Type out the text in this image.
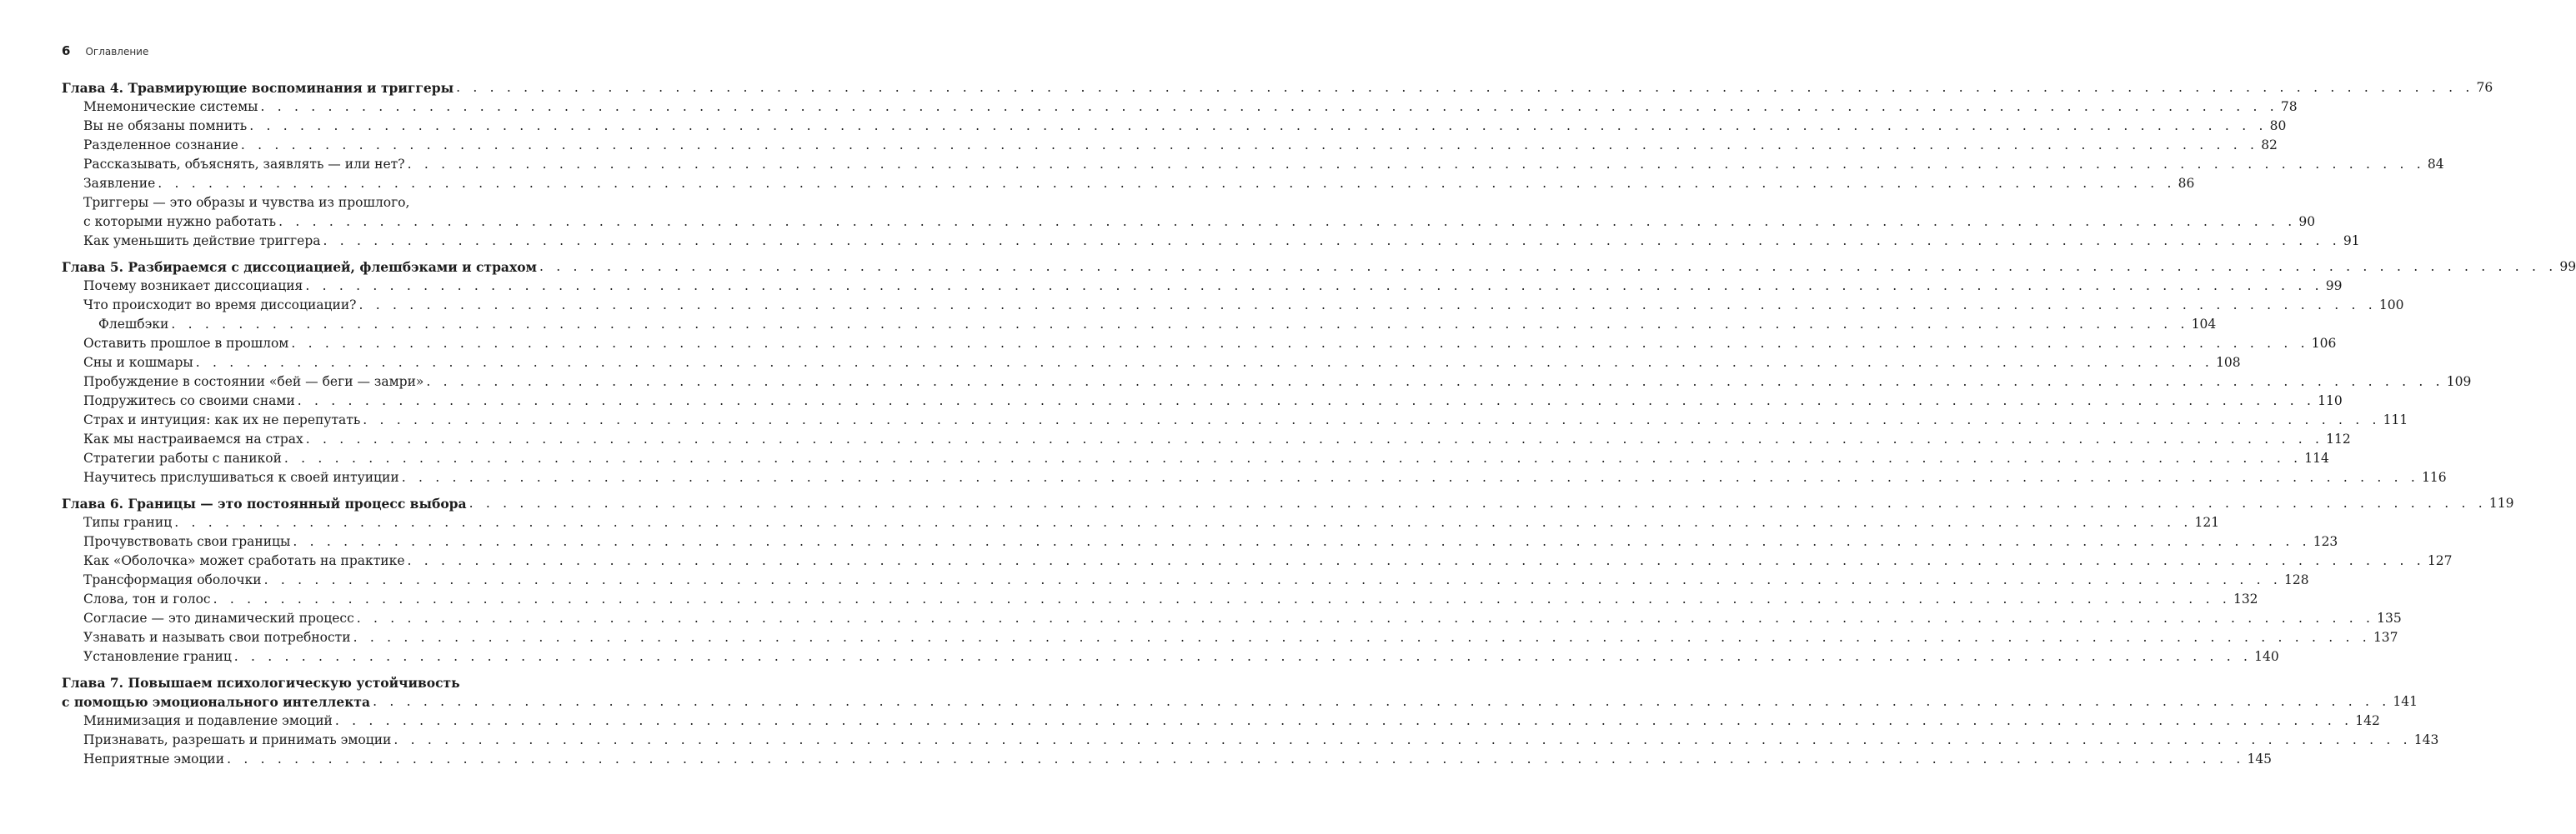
6 Оглавление
Глава 4. Травмирующие воспоминания и триггеры . . . . . . . . . . . . . . . . . . . . . . . . . . . . . . . . . . . . . . . . . . . . . . . . . . . . . . . . . . . . . . . . . . . . . . . . . . . . . . . . . . . . . . . . . . . . . . . . . . . . . . . . . . . . . . . . . . . . . . . . 76
Мнемонические системы . . . . . . . . . . . . . . . . . . . . . . . . . . . . . . . . . . . . . . . . . . . . . . . . . . . . . . . . . . . . . . . . . . . . . . . . . . . . . . . . . . . . . . . . . . . . . . . . . . . . . . . . . . . . . . . . . . . . . . . . 78
Вы не обязаны помнить . . . . . . . . . . . . . . . . . . . . . . . . . . . . . . . . . . . . . . . . . . . . . . . . . . . . . . . . . . . . . . . . . . . . . . . . . . . . . . . . . . . . . . . . . . . . . . . . . . . . . . . . . . . . . . . . . . . . . . . . 80
Разделенное сознание . . . . . . . . . . . . . . . . . . . . . . . . . . . . . . . . . . . . . . . . . . . . . . . . . . . . . . . . . . . . . . . . . . . . . . . . . . . . . . . . . . . . . . . . . . . . . . . . . . . . . . . . . . . . . . . . . . . . . . . . 82
Рассказывать, объяснять, заявлять — или нет? . . . . . . . . . . . . . . . . . . . . . . . . . . . . . . . . . . . . . . . . . . . . . . . . . . . . . . . . . . . . . . . . . . . . . . . . . . . . . . . . . . . . . . . . . . . . . . . . . . . . . . . . . . . . . . . . . . . . . . . . 84
Заявление . . . . . . . . . . . . . . . . . . . . . . . . . . . . . . . . . . . . . . . . . . . . . . . . . . . . . . . . . . . . . . . . . . . . . . . . . . . . . . . . . . . . . . . . . . . . . . . . . . . . . . . . . . . . . . . . . . . . . . . . 86
Триггеры — это образы и чувства из прошлого,
с которыми нужно работать . . . . . . . . . . . . . . . . . . . . . . . . . . . . . . . . . . . . . . . . . . . . . . . . . . . . . . . . . . . . . . . . . . . . . . . . . . . . . . . . . . . . . . . . . . . . . . . . . . . . . . . . . . . . . . . . . . . . . . . . 90
Как уменьшить действие триггера . . . . . . . . . . . . . . . . . . . . . . . . . . . . . . . . . . . . . . . . . . . . . . . . . . . . . . . . . . . . . . . . . . . . . . . . . . . . . . . . . . . . . . . . . . . . . . . . . . . . . . . . . . . . . . . . . . . . . . . . 91
Глава 5. Разбираемся с диссоциацией, флешбэками и страхом . . . . . . . . . . . . . . . . . . . . . . . . . . . . . . . . . . . . . . . . . . . . . . . . . . . . . . . . . . . . . . . . . . . . . . . . . . . . . . . . . . . . . . . . . . . . . . . . . . . . . . . . . . . . . . . . . . . . . . . . 99
Почему возникает диссоциация . . . . . . . . . . . . . . . . . . . . . . . . . . . . . . . . . . . . . . . . . . . . . . . . . . . . . . . . . . . . . . . . . . . . . . . . . . . . . . . . . . . . . . . . . . . . . . . . . . . . . . . . . . . . . . . . . . . . . . . . 99
Что происходит во время диссоциации? . . . . . . . . . . . . . . . . . . . . . . . . . . . . . . . . . . . . . . . . . . . . . . . . . . . . . . . . . . . . . . . . . . . . . . . . . . . . . . . . . . . . . . . . . . . . . . . . . . . . . . . . . . . . . . . . . . . . . . . . 100
Флешбэки . . . . . . . . . . . . . . . . . . . . . . . . . . . . . . . . . . . . . . . . . . . . . . . . . . . . . . . . . . . . . . . . . . . . . . . . . . . . . . . . . . . . . . . . . . . . . . . . . . . . . . . . . . . . . . . . . . . . . . . . 104
Оставить прошлое в прошлом . . . . . . . . . . . . . . . . . . . . . . . . . . . . . . . . . . . . . . . . . . . . . . . . . . . . . . . . . . . . . . . . . . . . . . . . . . . . . . . . . . . . . . . . . . . . . . . . . . . . . . . . . . . . . . . . . . . . . . . . 106
Сны и кошмары . . . . . . . . . . . . . . . . . . . . . . . . . . . . . . . . . . . . . . . . . . . . . . . . . . . . . . . . . . . . . . . . . . . . . . . . . . . . . . . . . . . . . . . . . . . . . . . . . . . . . . . . . . . . . . . . . . . . . . . . 108
Пробуждение в состоянии «бей — беги — замри» . . . . . . . . . . . . . . . . . . . . . . . . . . . . . . . . . . . . . . . . . . . . . . . . . . . . . . . . . . . . . . . . . . . . . . . . . . . . . . . . . . . . . . . . . . . . . . . . . . . . . . . . . . . . . . . . . . . . . . . . 109
Подружитесь со своими снами . . . . . . . . . . . . . . . . . . . . . . . . . . . . . . . . . . . . . . . . . . . . . . . . . . . . . . . . . . . . . . . . . . . . . . . . . . . . . . . . . . . . . . . . . . . . . . . . . . . . . . . . . . . . . . . . . . . . . . . . 110
Страх и интуиция: как их не перепутать . . . . . . . . . . . . . . . . . . . . . . . . . . . . . . . . . . . . . . . . . . . . . . . . . . . . . . . . . . . . . . . . . . . . . . . . . . . . . . . . . . . . . . . . . . . . . . . . . . . . . . . . . . . . . . . . . . . . . . . . 111
Как мы настраиваемся на страх . . . . . . . . . . . . . . . . . . . . . . . . . . . . . . . . . . . . . . . . . . . . . . . . . . . . . . . . . . . . . . . . . . . . . . . . . . . . . . . . . . . . . . . . . . . . . . . . . . . . . . . . . . . . . . . . . . . . . . . . 112
Стратегии работы с паникой . . . . . . . . . . . . . . . . . . . . . . . . . . . . . . . . . . . . . . . . . . . . . . . . . . . . . . . . . . . . . . . . . . . . . . . . . . . . . . . . . . . . . . . . . . . . . . . . . . . . . . . . . . . . . . . . . . . . . . . . 114
Научитесь прислушиваться к своей интуиции . . . . . . . . . . . . . . . . . . . . . . . . . . . . . . . . . . . . . . . . . . . . . . . . . . . . . . . . . . . . . . . . . . . . . . . . . . . . . . . . . . . . . . . . . . . . . . . . . . . . . . . . . . . . . . . . . . . . . . . . 116
Глава 6. Границы — это постоянный процесс выбора . . . . . . . . . . . . . . . . . . . . . . . . . . . . . . . . . . . . . . . . . . . . . . . . . . . . . . . . . . . . . . . . . . . . . . . . . . . . . . . . . . . . . . . . . . . . . . . . . . . . . . . . . . . . . . . . . . . . . . . . 119
Типы границ . . . . . . . . . . . . . . . . . . . . . . . . . . . . . . . . . . . . . . . . . . . . . . . . . . . . . . . . . . . . . . . . . . . . . . . . . . . . . . . . . . . . . . . . . . . . . . . . . . . . . . . . . . . . . . . . . . . . . . . . 121
Прочувствовать свои границы . . . . . . . . . . . . . . . . . . . . . . . . . . . . . . . . . . . . . . . . . . . . . . . . . . . . . . . . . . . . . . . . . . . . . . . . . . . . . . . . . . . . . . . . . . . . . . . . . . . . . . . . . . . . . . . . . . . . . . . . 123
Как «Оболочка» может сработать на практике . . . . . . . . . . . . . . . . . . . . . . . . . . . . . . . . . . . . . . . . . . . . . . . . . . . . . . . . . . . . . . . . . . . . . . . . . . . . . . . . . . . . . . . . . . . . . . . . . . . . . . . . . . . . . . . . . . . . . . . . 127
Трансформация оболочки . . . . . . . . . . . . . . . . . . . . . . . . . . . . . . . . . . . . . . . . . . . . . . . . . . . . . . . . . . . . . . . . . . . . . . . . . . . . . . . . . . . . . . . . . . . . . . . . . . . . . . . . . . . . . . . . . . . . . . . . 128
Слова, тон и голос . . . . . . . . . . . . . . . . . . . . . . . . . . . . . . . . . . . . . . . . . . . . . . . . . . . . . . . . . . . . . . . . . . . . . . . . . . . . . . . . . . . . . . . . . . . . . . . . . . . . . . . . . . . . . . . . . . . . . . . . 132
Согласие — это динамический процесс . . . . . . . . . . . . . . . . . . . . . . . . . . . . . . . . . . . . . . . . . . . . . . . . . . . . . . . . . . . . . . . . . . . . . . . . . . . . . . . . . . . . . . . . . . . . . . . . . . . . . . . . . . . . . . . . . . . . . . . . 135
Узнавать и называть свои потребности . . . . . . . . . . . . . . . . . . . . . . . . . . . . . . . . . . . . . . . . . . . . . . . . . . . . . . . . . . . . . . . . . . . . . . . . . . . . . . . . . . . . . . . . . . . . . . . . . . . . . . . . . . . . . . . . . . . . . . . . 137
Установление границ . . . . . . . . . . . . . . . . . . . . . . . . . . . . . . . . . . . . . . . . . . . . . . . . . . . . . . . . . . . . . . . . . . . . . . . . . . . . . . . . . . . . . . . . . . . . . . . . . . . . . . . . . . . . . . . . . . . . . . . . 140
Глава 7. Повышаем психологическую устойчивость
с помощью эмоционального интеллекта . . . . . . . . . . . . . . . . . . . . . . . . . . . . . . . . . . . . . . . . . . . . . . . . . . . . . . . . . . . . . . . . . . . . . . . . . . . . . . . . . . . . . . . . . . . . . . . . . . . . . . . . . . . . . . . . . . . . . . . . 141
Минимизация и подавление эмоций . . . . . . . . . . . . . . . . . . . . . . . . . . . . . . . . . . . . . . . . . . . . . . . . . . . . . . . . . . . . . . . . . . . . . . . . . . . . . . . . . . . . . . . . . . . . . . . . . . . . . . . . . . . . . . . . . . . . . . . . 142
Признавать, разрешать и принимать эмоции . . . . . . . . . . . . . . . . . . . . . . . . . . . . . . . . . . . . . . . . . . . . . . . . . . . . . . . . . . . . . . . . . . . . . . . . . . . . . . . . . . . . . . . . . . . . . . . . . . . . . . . . . . . . . . . . . . . . . . . . 143
Неприятные эмоции . . . . . . . . . . . . . . . . . . . . . . . . . . . . . . . . . . . . . . . . . . . . . . . . . . . . . . . . . . . . . . . . . . . . . . . . . . . . . . . . . . . . . . . . . . . . . . . . . . . . . . . . . . . . . . . . . . . . . . . . 145
